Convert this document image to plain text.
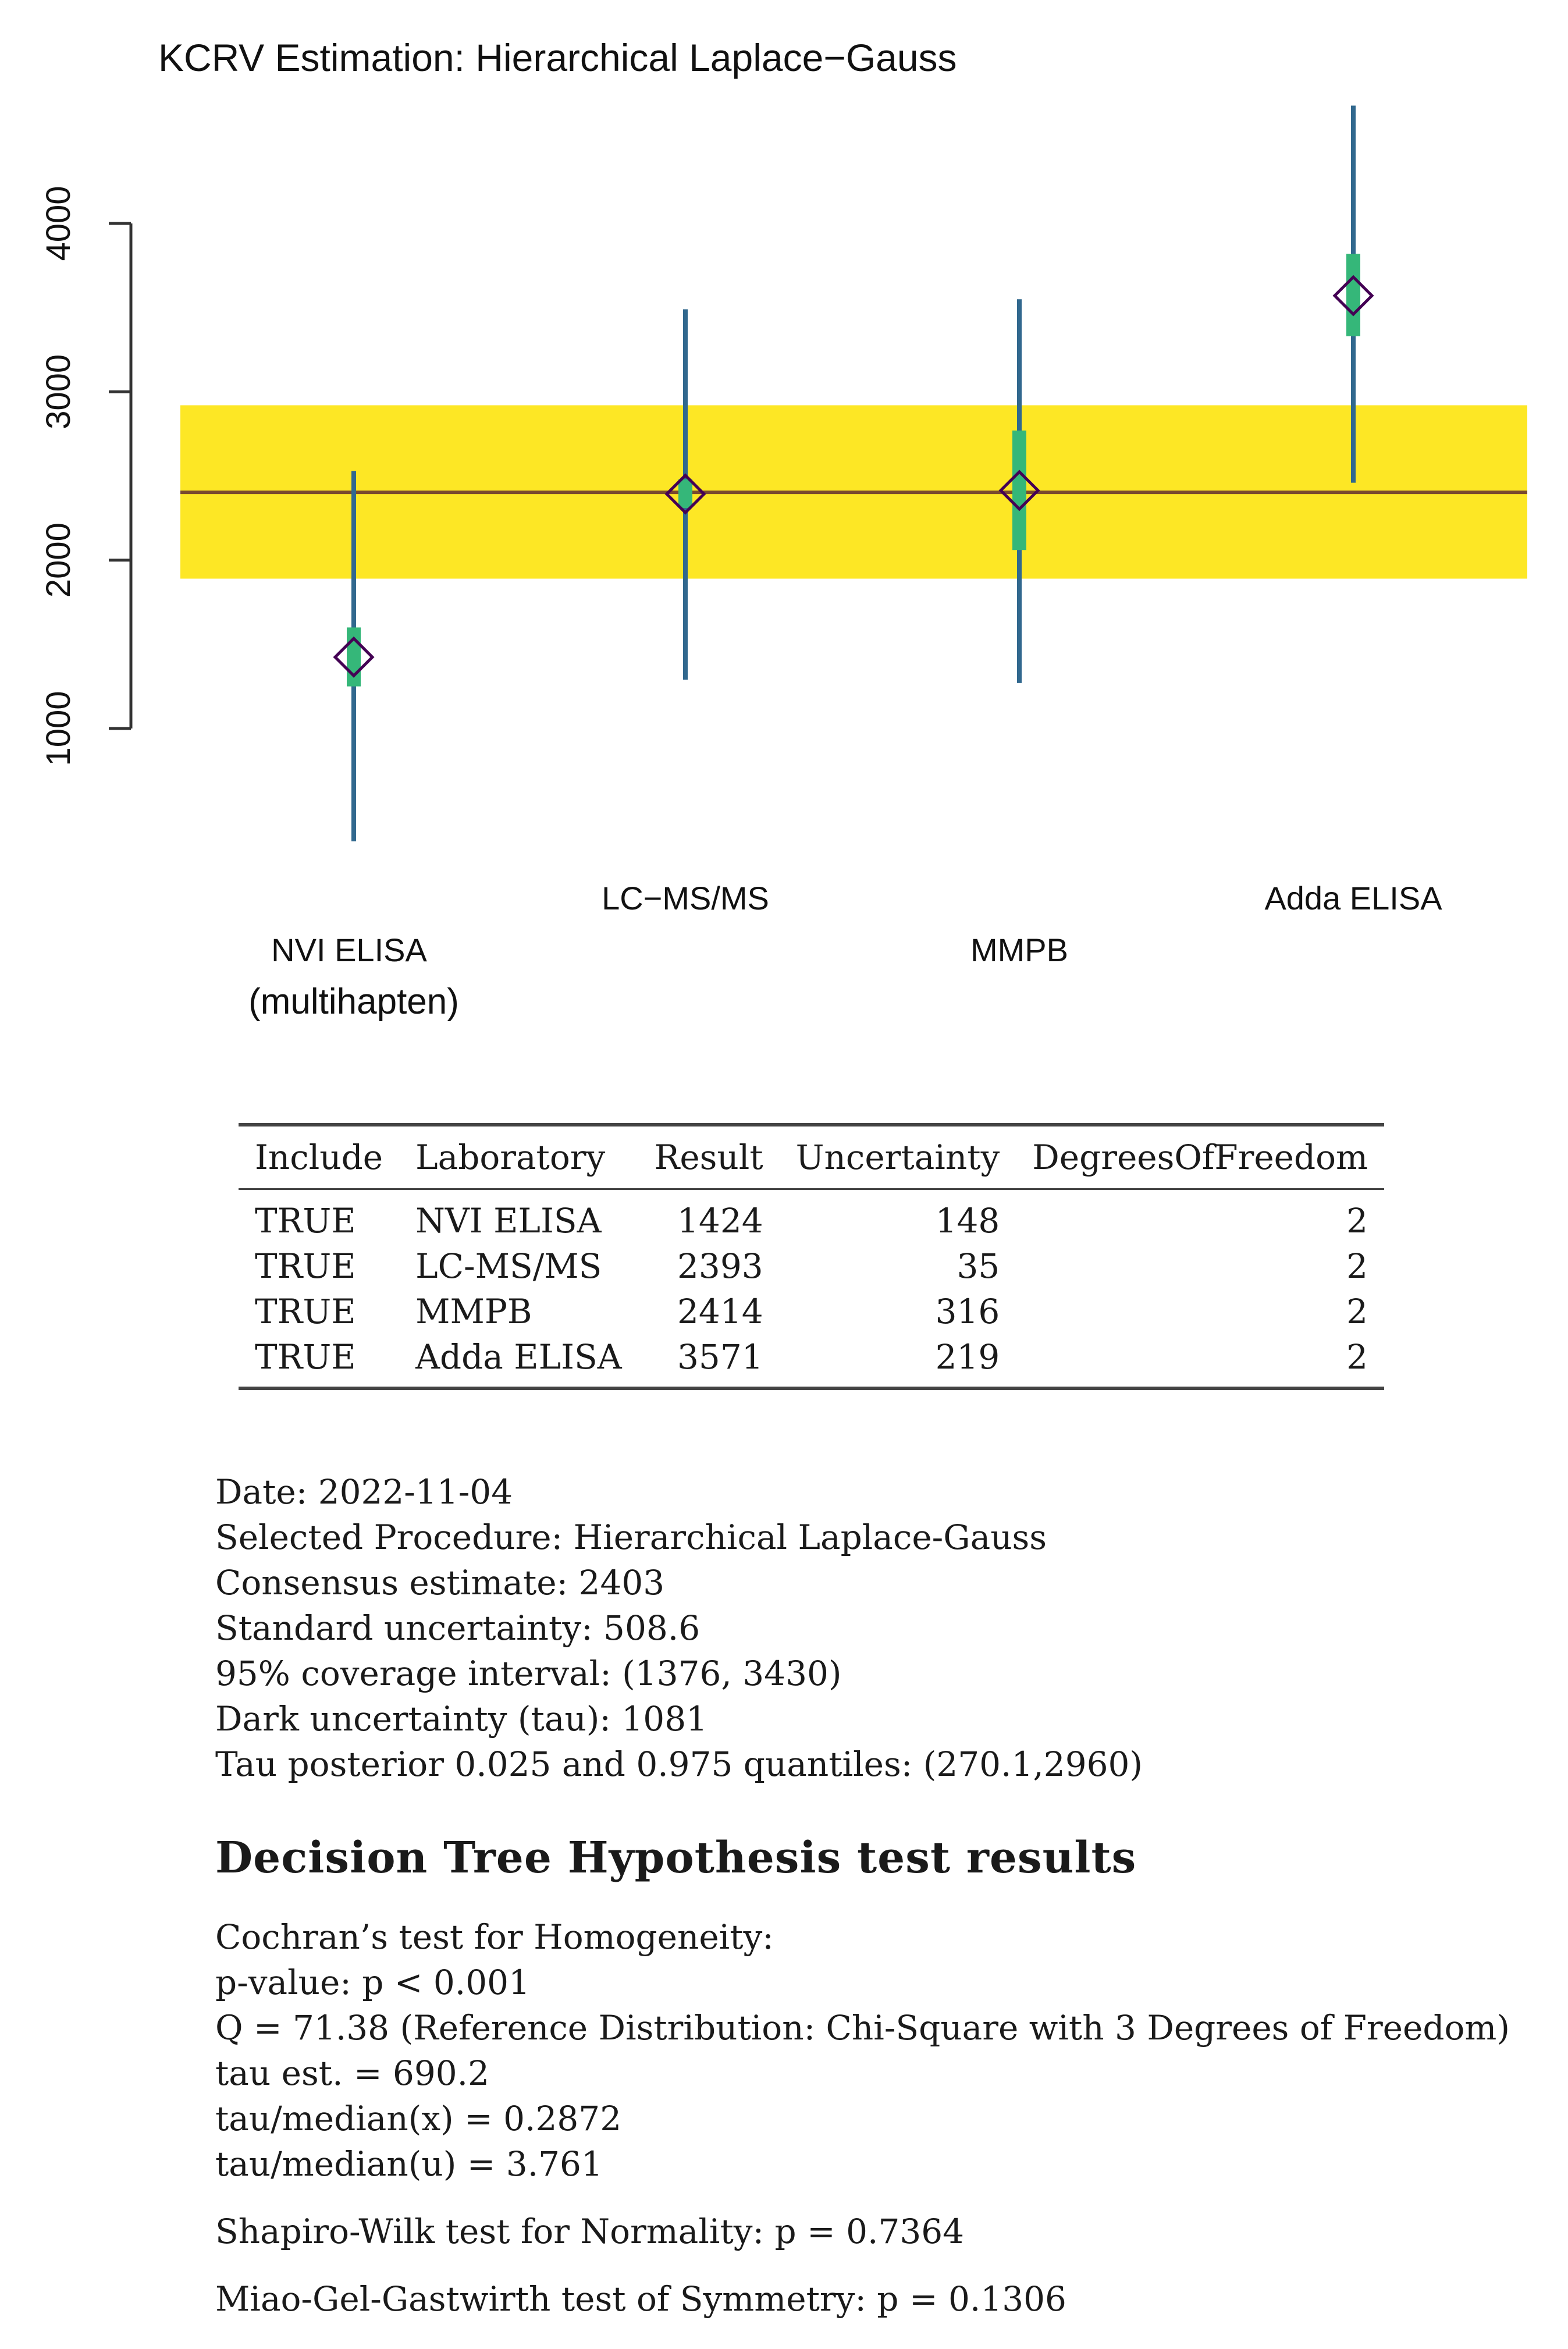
KCRV Estimation: Hierarchical Laplace−Gauss
1000
2000
3000
4000
NVI ELISA
(multihapten)
LC−MS/MS
MMPB
Adda ELISA
Include	Laboratory	Result	Uncertainty	DegreesOfFreedom
TRUE	NVI ELISA	1424	148	2
TRUE	LC-MS/MS	2393	35	2
TRUE	MMPB	2414	316	2
TRUE	Adda ELISA	3571	219	2
Date: 2022-11-04
Selected Procedure: Hierarchical Laplace-Gauss
Consensus estimate: 2403
Standard uncertainty: 508.6
95% coverage interval: (1376, 3430)
Dark uncertainty (tau): 1081
Tau posterior 0.025 and 0.975 quantiles: (270.1,2960)
Decision Tree Hypothesis test results
Cochran’s test for Homogeneity:
p-value: p < 0.001
Q = 71.38 (Reference Distribution: Chi-Square with 3 Degrees of Freedom)
tau est. = 690.2
tau/median(x) = 0.2872
tau/median(u) = 3.761
Shapiro-Wilk test for Normality: p = 0.7364
Miao-Gel-Gastwirth test of Symmetry: p = 0.1306
